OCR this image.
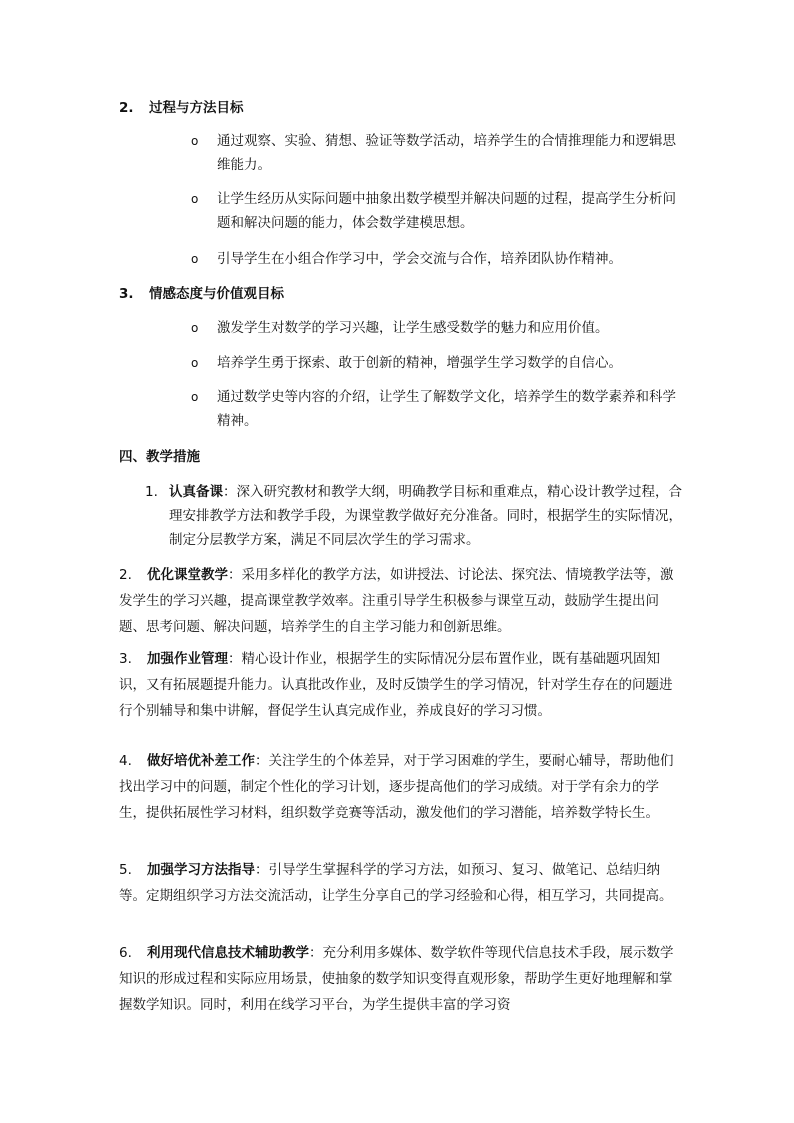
2. 过程与方法目标
o 通过观察、实验、猜想、验证等数学活动，培养学生的合情推理能力和逻辑思维能力。
o 让学生经历从实际问题中抽象出数学模型并解决问题的过程，提高学生分析问题和解决问题的能力，体会数学建模思想。
o 引导学生在小组合作学习中，学会交流与合作，培养团队协作精神。
3. 情感态度与价值观目标
o 激发学生对数学的学习兴趣，让学生感受数学的魅力和应用价值。
o 培养学生勇于探索、敢于创新的精神，增强学生学习数学的自信心。
o 通过数学史等内容的介绍，让学生了解数学文化，培养学生的数学素养和科学精神。
四、教学措施
1. 认真备课：深入研究教材和教学大纲，明确教学目标和重难点，精心设计教学过程，合理安排教学方法和教学手段，为课堂教学做好充分准备。同时，根据学生的实际情况，制定分层教学方案，满足不同层次学生的学习需求。
2. 优化课堂教学：采用多样化的教学方法，如讲授法、讨论法、探究法、情境教学法等，激发学生的学习兴趣，提高课堂教学效率。注重引导学生积极参与课堂互动，鼓励学生提出问题、思考问题、解决问题，培养学生的自主学习能力和创新思维。
3. 加强作业管理：精心设计作业，根据学生的实际情况分层布置作业，既有基础题巩固知识，又有拓展题提升能力。认真批改作业，及时反馈学生的学习情况，针对学生存在的问题进行个别辅导和集中讲解，督促学生认真完成作业，养成良好的学习习惯。
4. 做好培优补差工作：关注学生的个体差异，对于学习困难的学生，要耐心辅导，帮助他们找出学习中的问题，制定个性化的学习计划，逐步提高他们的学习成绩。对于学有余力的学生，提供拓展性学习材料，组织数学竞赛等活动，激发他们的学习潜能，培养数学特长生。
5. 加强学习方法指导：引导学生掌握科学的学习方法，如预习、复习、做笔记、总结归纳等。定期组织学习方法交流活动，让学生分享自己的学习经验和心得，相互学习，共同提高。
6. 利用现代信息技术辅助教学：充分利用多媒体、数学软件等现代信息技术手段，展示数学知识的形成过程和实际应用场景，使抽象的数学知识变得直观形象，帮助学生更好地理解和掌握数学知识。同时，利用在线学习平台，为学生提供丰富的学习资
